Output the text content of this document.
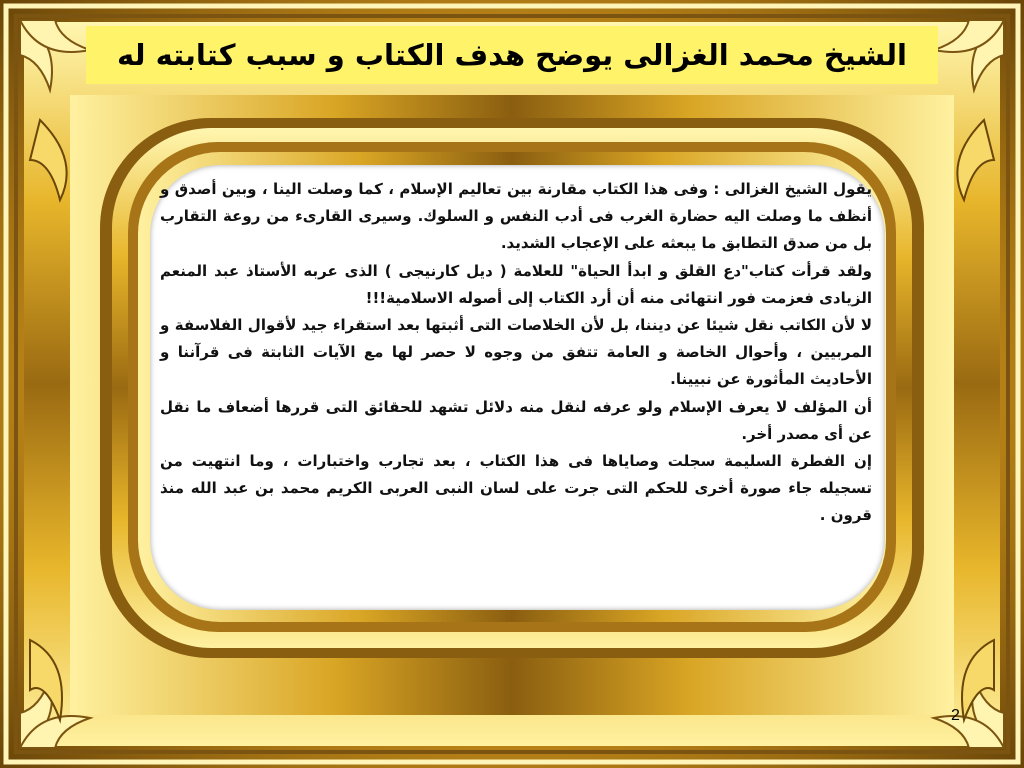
الشيخ محمد الغزالى يوضح هدف الكتاب و سبب كتابته له

يقول الشيخ الغزالى : وفى هذا الكتاب مقارنة بين تعاليم الإسلام ، كما وصلت الينا ، وبين أصدق و أنظف ما وصلت اليه حضارة الغرب فى أدب النفس و السلوك. وسيرى القارىء من روعة التقارب بل من صدق التطابق ما يبعثه على الإعجاب الشديد.

ولقد قرأت كتاب"دع القلق و ابدأ الحياة" للعلامة ( ديل كارنيجى ) الذى عربه الأستاذ عبد المنعم الزيادى فعزمت فور انتهائى منه أن أرد الكتاب إلى أصوله الاسلامية!!!

لا لأن الكاتب نقل شيئا عن ديننا، بل لأن الخلاصات التى أثبتها بعد استقراء جيد لأقوال الفلاسفة و المربيين ، وأحوال الخاصة و العامة تتفق من وجوه لا حصر لها مع الآيات الثابتة فى قرآننا و الأحاديث المأثورة عن نبيينا.

أن المؤلف لا يعرف الإسلام ولو عرفه لنقل منه دلائل تشهد للحقائق التى قررها أضعاف ما نقل عن أى مصدر أخر.

إن الفطرة السليمة سجلت وصاياها فى هذا الكتاب ، بعد تجارب واختبارات ، وما انتهيت من تسجيله جاء صورة أخرى للحكم التى جرت على لسان النبى العربى الكريم محمد بن عبد الله منذ قرون .

2
